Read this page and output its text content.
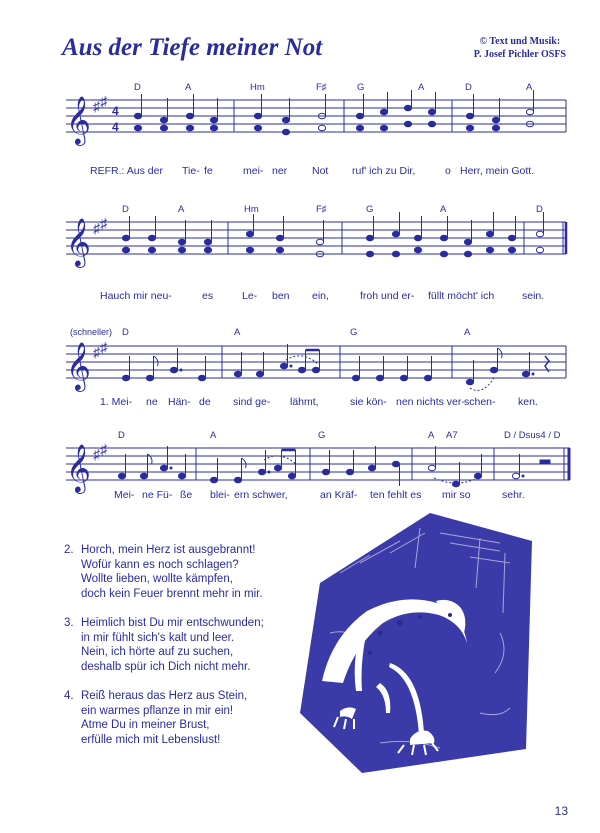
Aus der Tiefe meiner Not	© Text und Musik:
P. Josef Pichler OSFS
𝄞 ♯ ♯
4
4
D	A	Hm	F♯	G	A	D	A
REFR.: Aus der Tie- fe	mei- ner Not ruf' ich zu Dir,	o Herr, mein Gott.
𝄞 ♯ ♯
D	A	Hm	F♯	G	A	D
Hauch mir neu-	es	Le- ben ein,	froh und er- füllt möcht' ich	sein.
(schneller)
𝄞 ♯ ♯
D	A	G	A
1. Mei- ne Hän- de sind ge- lähmt,	sie kön- nen nichts ver- schen- ken.
𝄞 ♯ ♯
D	A	G	A A7	D / Dsus4 / D
Mei- ne Fü- ße blei- ern schwer,	an Kräf- ten fehlt es mir so	sehr.
2. Horch, mein Herz ist ausgebrannt!
Wofür kann es noch schlagen?
Wollte lieben, wollte kämpfen,
doch kein Feuer brennt mehr in mir.
3. Heimlich bist Du mir entschwunden;
in mir fühlt sich's kalt und leer.
Nein, ich hörte auf zu suchen,
deshalb spür ich Dich nicht mehr.
4. Reiß heraus das Herz aus Stein,
ein warmes pflanze in mir ein!
Atme Du in meiner Brust,
erfülle mich mit Lebenslust!
13
